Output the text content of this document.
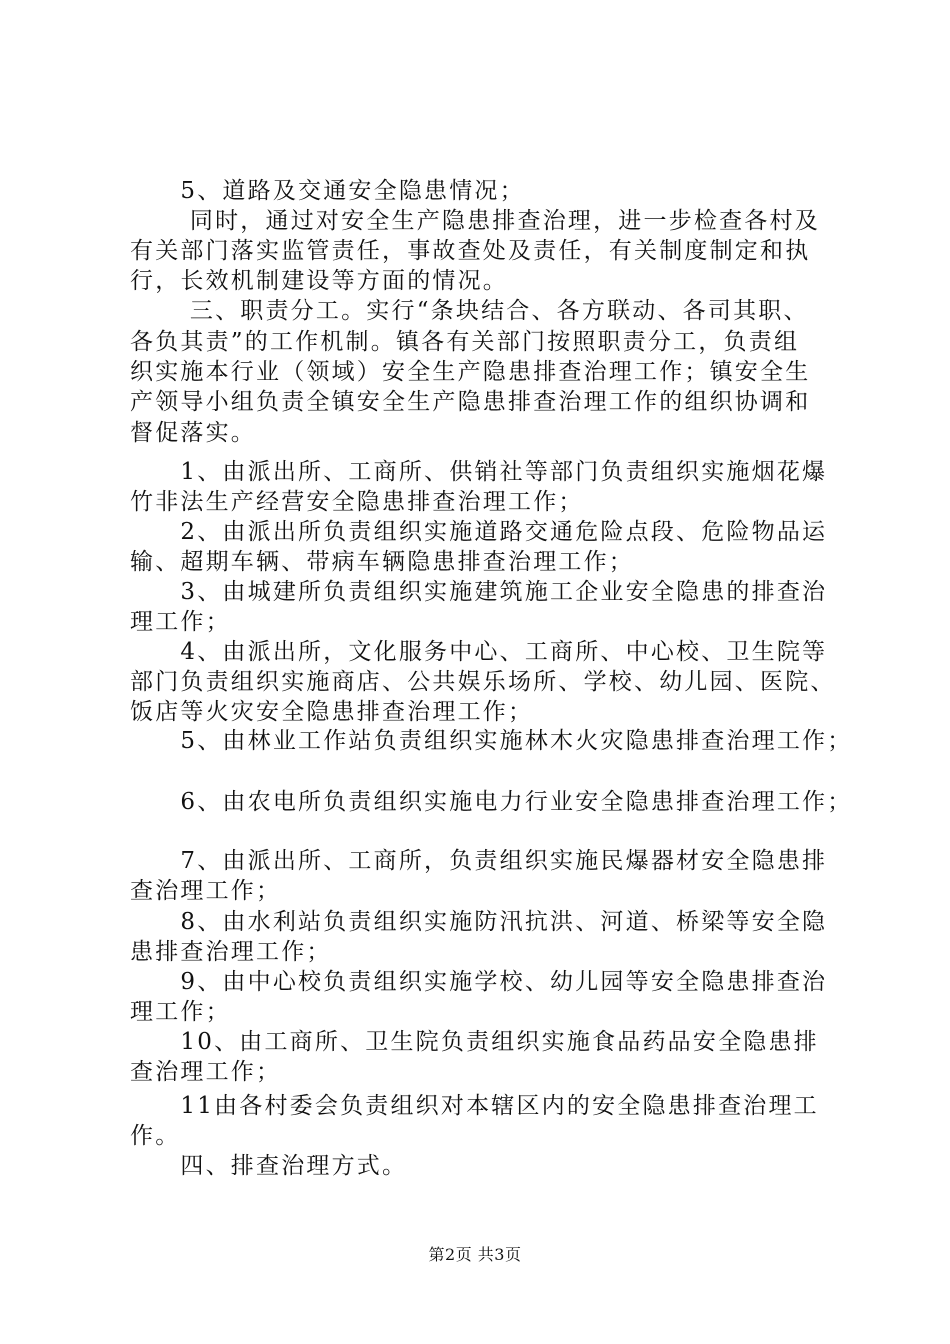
　　5、道路及交通安全隐患情况；
　　 同时，通过对安全生产隐患排查治理，进一步检查各村及
有关部门落实监管责任，事故查处及责任，有关制度制定和执
行，长效机制建设等方面的情况。
　　 三、职责分工。实行“条块结合、各方联动、各司其职、
各负其责”的工作机制。镇各有关部门按照职责分工，负责组
织实施本行业（领域）安全生产隐患排查治理工作；镇安全生
产领导小组负责全镇安全生产隐患排查治理工作的组织协调和
督促落实。
　　1、由派出所、工商所、供销社等部门负责组织实施烟花爆
竹非法生产经营安全隐患排查治理工作；
　　2、由派出所负责组织实施道路交通危险点段、危险物品运
输、超期车辆、带病车辆隐患排查治理工作；
　　3、由城建所负责组织实施建筑施工企业安全隐患的排查治
理工作；
　　4、由派出所，文化服务中心、工商所、中心校、卫生院等
部门负责组织实施商店、公共娱乐场所、学校、幼儿园、医院、
饭店等火灾安全隐患排查治理工作；
　　5、由林业工作站负责组织实施林木火灾隐患排查治理工作；
　　6、由农电所负责组织实施电力行业安全隐患排查治理工作；
　　7、由派出所、工商所，负责组织实施民爆器材安全隐患排
查治理工作；
　　8、由水利站负责组织实施防汛抗洪、河道、桥梁等安全隐
患排查治理工作；
　　9、由中心校负责组织实施学校、幼儿园等安全隐患排查治
理工作；
　　10、由工商所、卫生院负责组织实施食品药品安全隐患排
查治理工作；
　　11由各村委会负责组织对本辖区内的安全隐患排查治理工
作。
　　四、排查治理方式。
第2页 共3页
